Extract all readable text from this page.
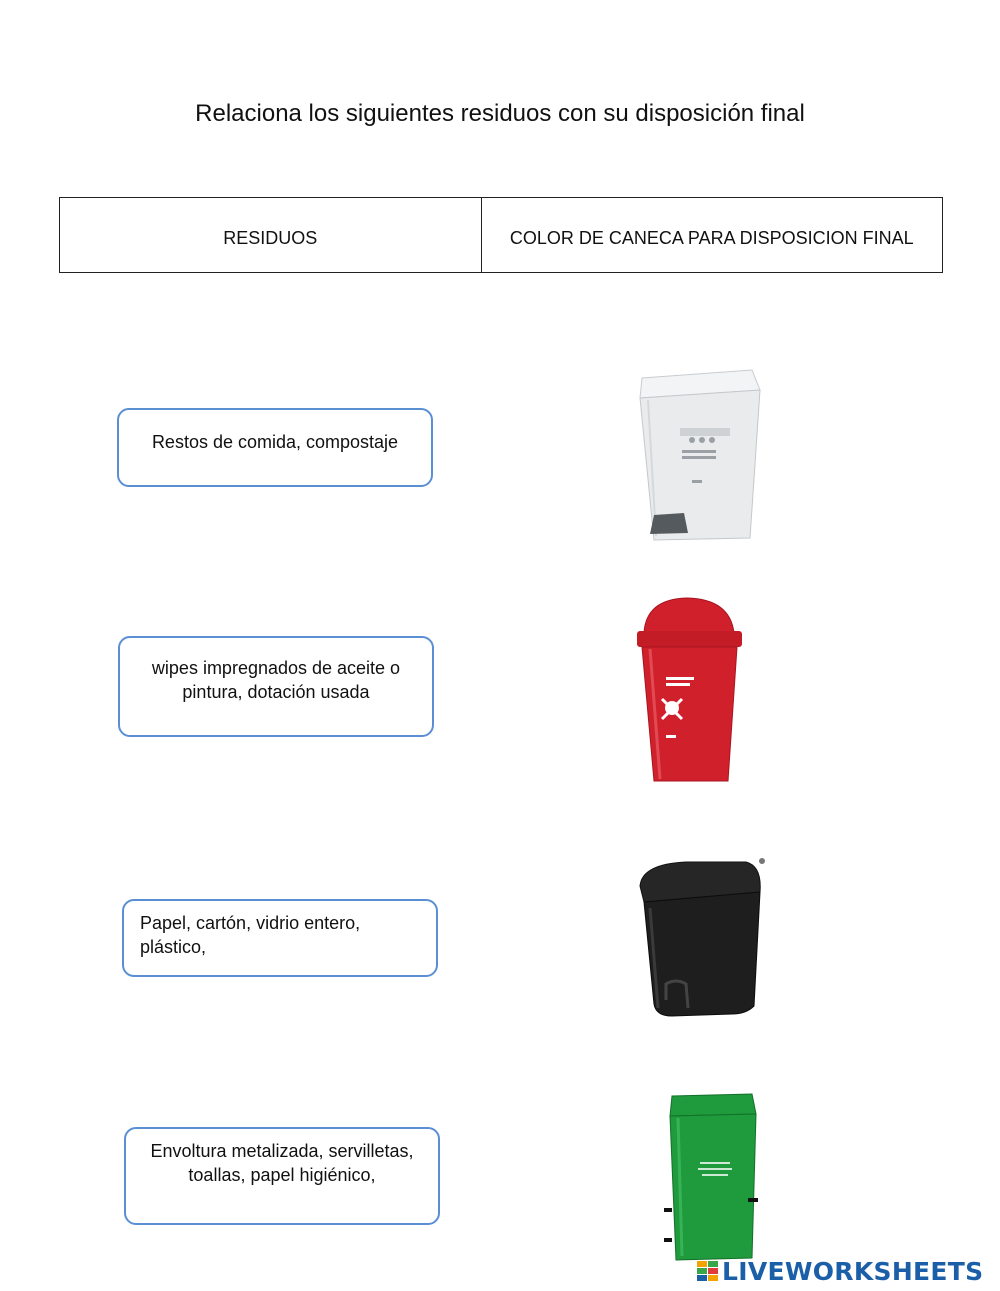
Relaciona los siguientes residuos con su disposición final
RESIDUOS	COLOR DE CANECA PARA DISPOSICION FINAL
Restos de comida, compostaje
wipes impregnados de aceite o pintura, dotación usada
Papel, cartón, vidrio entero, plástico,
Envoltura metalizada, servilletas, toallas, papel higiénico,
LIVEWORKSHEETS
